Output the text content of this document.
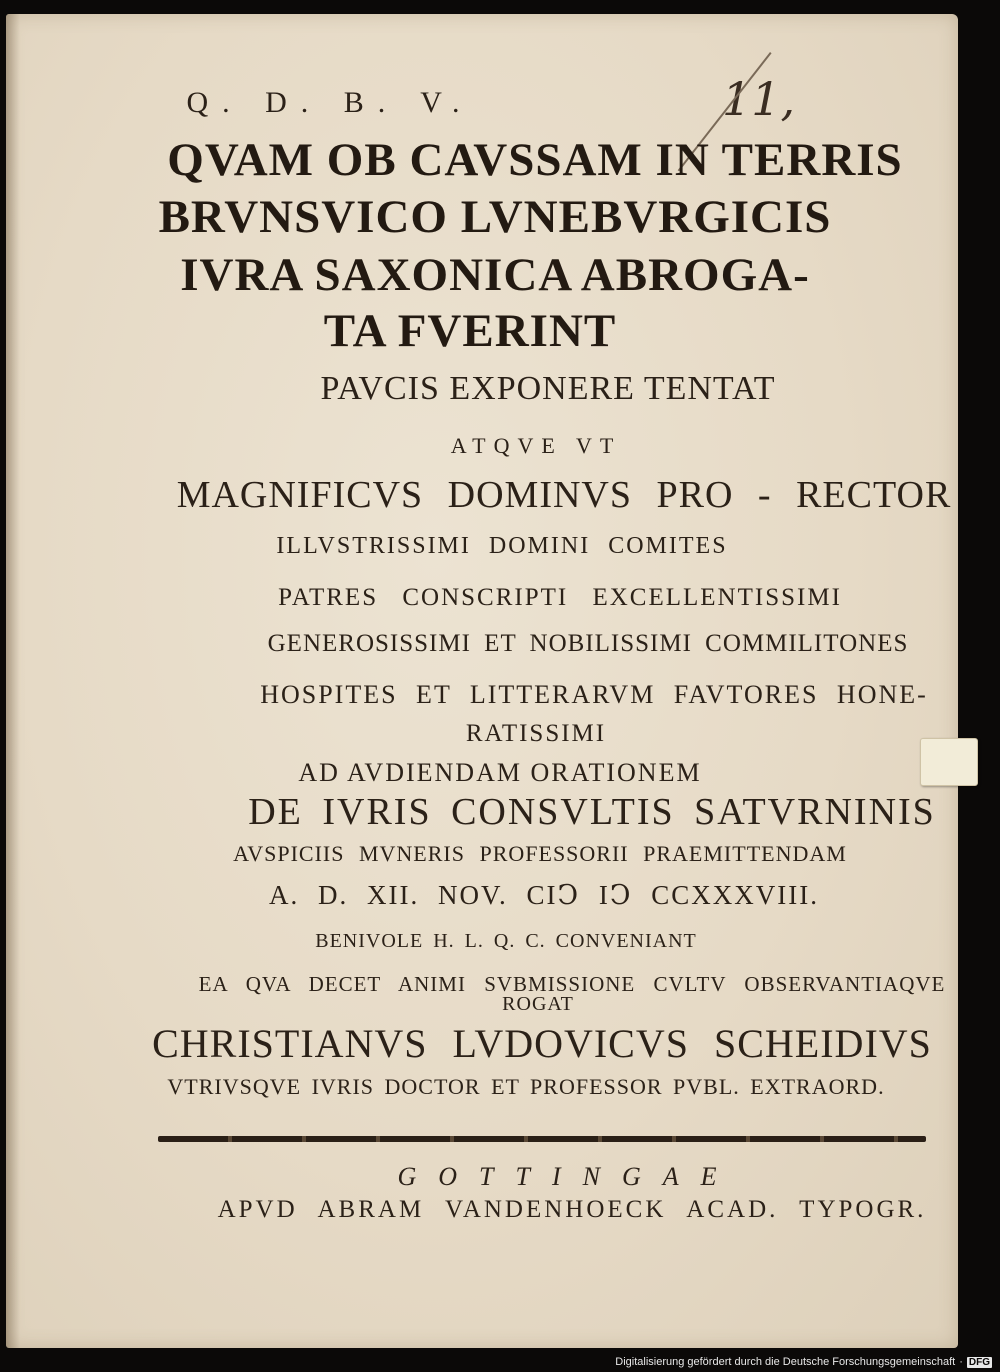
11,
Q. D. B. V.
QVAM OB CAVSSAM IN TERRIS
BRVNSVICO LVNEBVRGICIS
IVRA SAXONICA ABROGA-
TA FVERINT
PAVCIS EXPONERE TENTAT
ATQVE VT
MAGNIFICVS DOMINVS PRO - RECTOR
ILLVSTRISSIMI DOMINI COMITES
PATRES CONSCRIPTI EXCELLENTISSIMI
GENEROSISSIMI ET NOBILISSIMI COMMILITONES
HOSPITES ET LITTERARVM FAVTORES HONE-
RATISSIMI
AD AVDIENDAM ORATIONEM
DE IVRIS CONSVLTIS SATVRNINIS
AVSPICIIS MVNERIS PROFESSORII PRAEMITTENDAM
A. D. XII. NOV. CIↃ IↃ CCXXXVIII.
BENIVOLE H. L. Q. C. CONVENIANT
EA QVA DECET ANIMI SVBMISSIONE CVLTV OBSERVANTIAQVE
ROGAT
CHRISTIANVS LVDOVICVS SCHEIDIVS
VTRIVSQVE IVRIS DOCTOR ET PROFESSOR PVBL. EXTRAORD.
GOTTINGAE
APVD ABRAM VANDENHOECK ACAD. TYPOGR.
Digitalisierung gefördert durch die Deutsche Forschungsgemeinschaft · DFG
